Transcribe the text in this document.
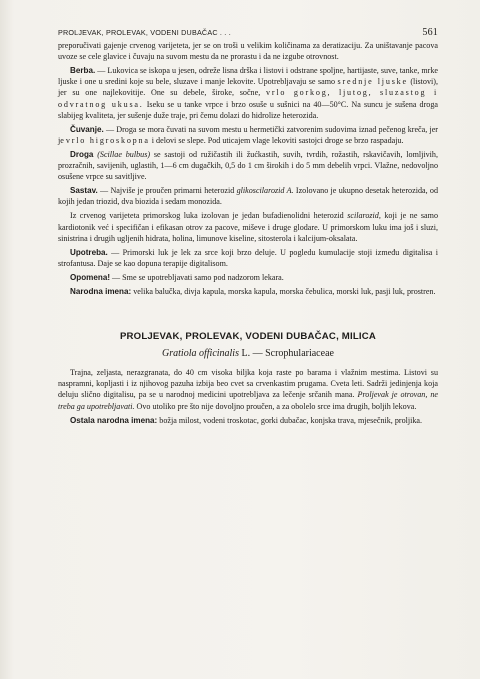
PROLJEVAK, PROLEVAK, VODENI DUBAČAC . . .	561

preporučivati gajenje crvenog varijeteta, jer se on troši u velikim količinama za deratizaciju. Za uništavanje pacova uvoze se cele glavice i čuvaju na suvom mestu da ne prorastu i da ne izgube otrovnost.

Berba. — Lukovica se iskopa u jesen, odreže lisna drška i listovi i odstrane spoljne, hartijaste, suve, tanke, mrke ljuske i one u sredini koje su bele, sluzave i manje lekovite. Upotrebljavaju se samo srednje ljuske (listovi), jer su one najlekovitije. One su debele, široke, sočne, vrlo gorkog, ljutog, sluzastog i odvratnog ukusa. Iseku se u tanke vrpce i brzo osuše u sušnici na 40—50°C. Na suncu je sušena droga slabijeg kvaliteta, jer sušenje duže traje, pri čemu dolazi do hidrolize heterozida.

Čuvanje. — Droga se mora čuvati na suvom mestu u hermetički zatvorenim sudovima iznad pečenog kreča, jer je vrlo higroskopna i delovi se slepe. Pod uticajem vlage lekoviti sastojci droge se brzo raspadaju.

Droga (Scillae bulbus) se sastoji od ružičastih ili žućkastih, suvih, tvrdih, rožastih, rskavičavih, lomljivih, prozračnih, savijenih, uglastih, 1—6 cm dugačkih, 0,5 do 1 cm širokih i do 5 mm debelih vrpci. Vlažne, nedovoljno osušene vrpce su savitljive.

Sastav. — Najviše je proučen primarni heterozid glikoscilarozid A. Izolovano je ukupno desetak heterozida, od kojih jedan triozid, dva biozida i sedam monozida.

Iz crvenog varijeteta primorskog luka izolovan je jedan bufadienolidni heterozid scilarozid, koji je ne samo kardiotonik već i specifičan i efikasan otrov za pacove, miševe i druge glodare. U primorskom luku ima još i sluzi, sinistrina i drugih ugljenih hidrata, holina, limunove kiseline, sitosterola i kalcijum-oksalata.

Upotreba. — Primorski luk je lek za srce koji brzo deluje. U pogledu kumulacije stoji između digitalisa i strofantusa. Daje se kao dopuna terapije digitalisom.

Opomena! — Sme se upotrebljavati samo pod nadzorom lekara.

Narodna imena: velika balučka, divja kapula, morska kapula, morska čebulica, morski luk, pasji luk, prostren.

PROLJEVAK, PROLEVAK, VODENI DUBAČAC, MILICA
Gratiola officinalis L. — Scrophulariaceae

Trajna, zeljasta, nerazgranata, do 40 cm visoka biljka koja raste po barama i vlažnim mestima. Listovi su naspramni, kopljasti i iz njihovog pazuha izbija beo cvet sa crvenkastim prugama. Cveta leti. Sadrži jedinjenja koja deluju slično digitalisu, pa se u narodnoj medicini upotrebljava za lečenje srčanih mana. Proljevak je otrovan, ne treba ga upotrebljavati. Ovo utoliko pre što nije dovoljno proučen, a za obolelo srce ima drugih, boljih lekova.

Ostala narodna imena: božja milost, vodeni troskotac, gorki dubačac, konjska trava, mjesečnik, proljika.
